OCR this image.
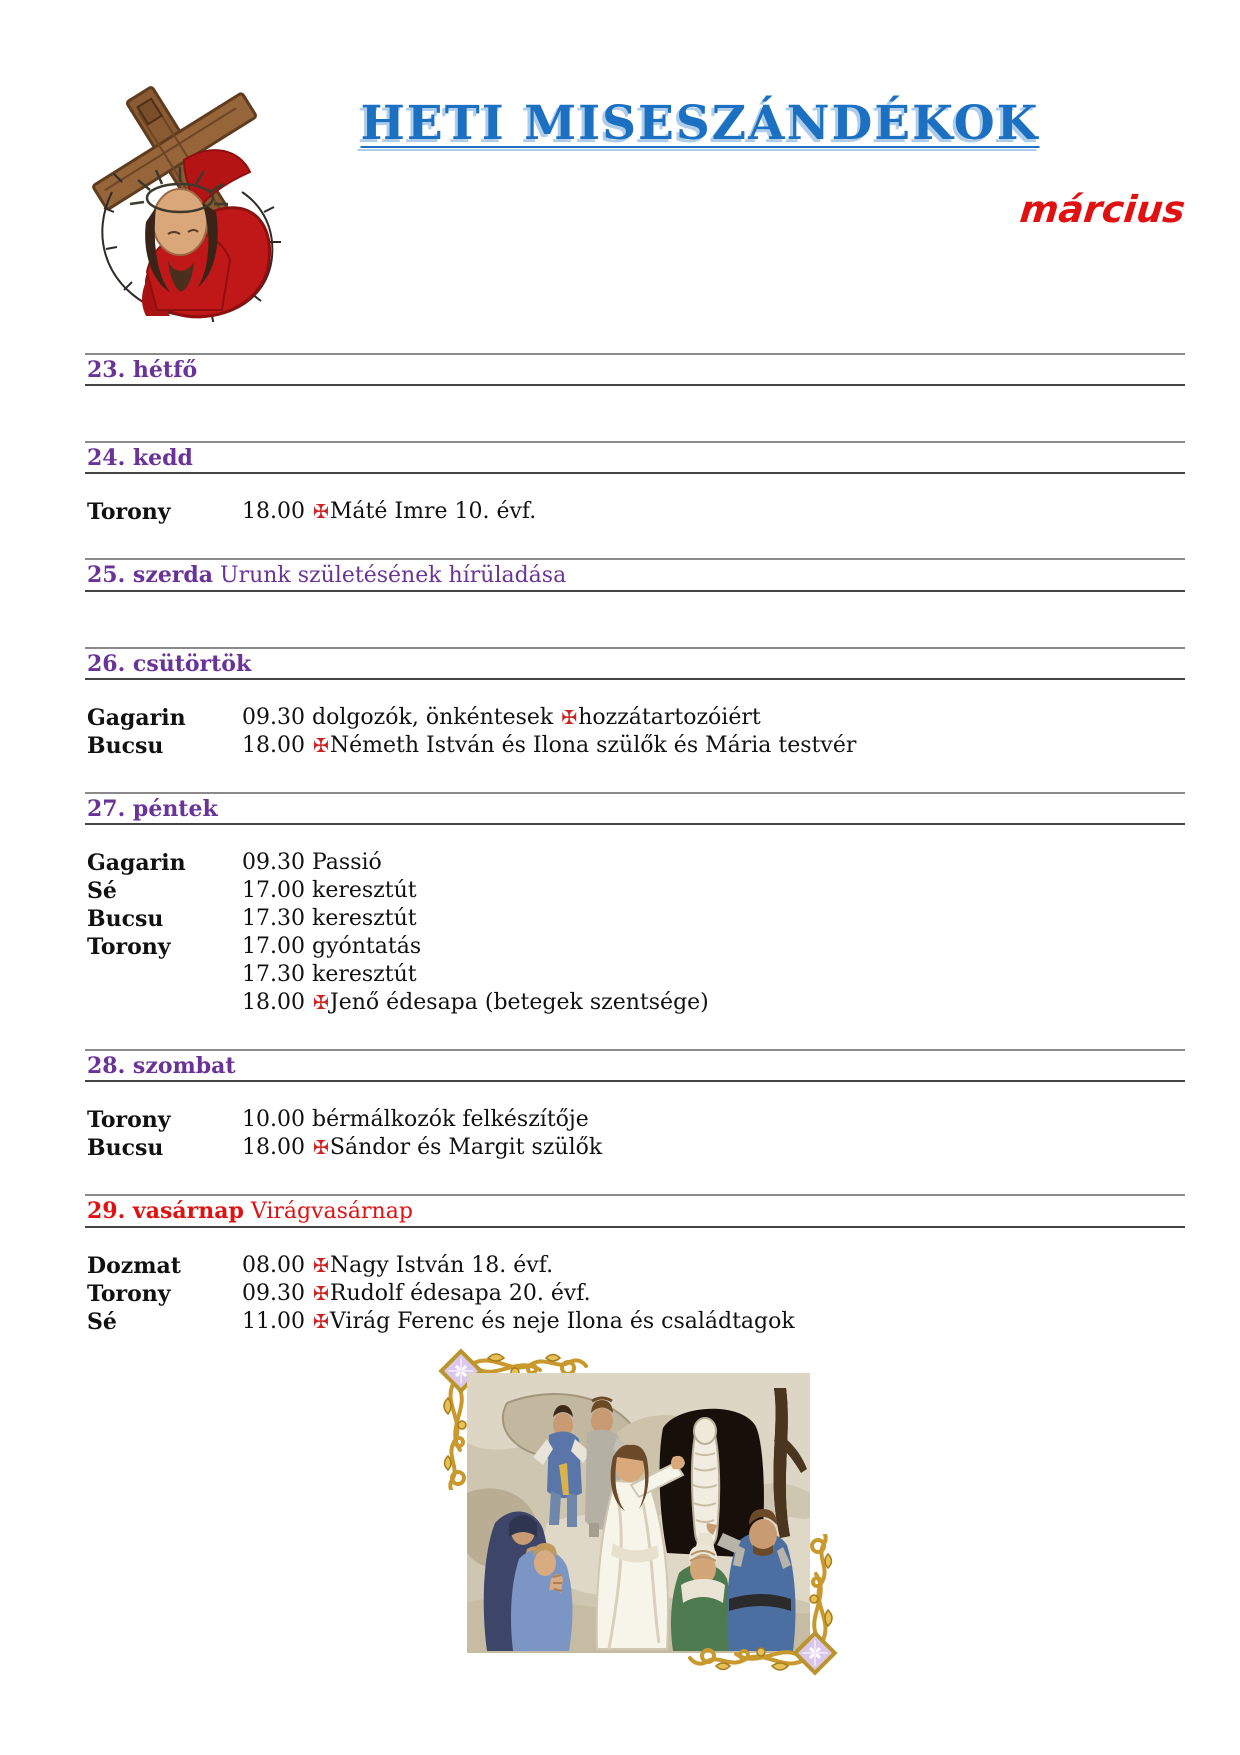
HETI MISESZÁNDÉKOK
március
23. hétfő
24. kedd
Torony	18.00 ✠Máté Imre 10. évf.
25. szerda Urunk születésének hírüladása
26. csütörtök
Gagarin	09.30 dolgozók, önkéntesek ✠hozzátartozóiért
Bucsu	18.00 ✠Németh István és Ilona szülők és Mária testvér
27. péntek
Gagarin	09.30 Passió
Sé	17.00 keresztút
Bucsu	17.30 keresztút
Torony	17.00 gyóntatás
17.30 keresztút
18.00 ✠Jenő édesapa (betegek szentsége)
28. szombat
Torony	10.00 bérmálkozók felkészítője
Bucsu	18.00 ✠Sándor és Margit szülők
29. vasárnap Virágvasárnap
Dozmat	08.00 ✠Nagy István 18. évf.
Torony	09.30 ✠Rudolf édesapa 20. évf.
Sé	11.00 ✠Virág Ferenc és neje Ilona és családtagok
